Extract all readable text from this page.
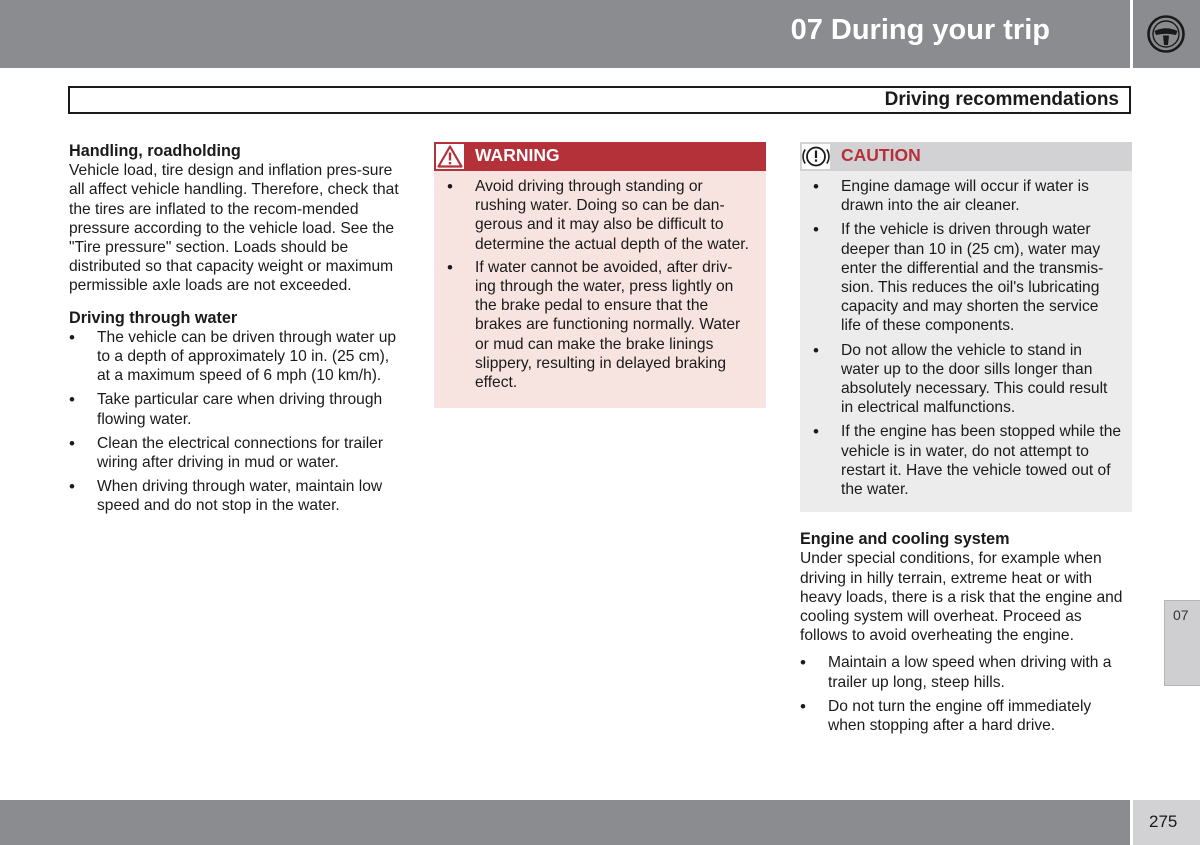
07 During your trip
Driving recommendations
Handling, roadholding

Vehicle load, tire design and inflation pres-sure all affect vehicle handling. Therefore, check that the tires are inflated to the recom-mended pressure according to the vehicle load. See the "Tire pressure" section. Loads should be distributed so that capacity weight or maximum permissible axle loads are not exceeded.

Driving through water
• The vehicle can be driven through water up to a depth of approximately 10 in. (25 cm), at a maximum speed of 6 mph (10 km/h).
• Take particular care when driving through flowing water.
• Clean the electrical connections for trailer wiring after driving in mud or water.
• When driving through water, maintain low speed and do not stop in the water.
WARNING
• Avoid driving through standing or rushing water. Doing so can be dan-gerous and it may also be difficult to determine the actual depth of the water.
• If water cannot be avoided, after driv-ing through the water, press lightly on the brake pedal to ensure that the brakes are functioning normally. Water or mud can make the brake linings slippery, resulting in delayed braking effect.
CAUTION
• Engine damage will occur if water is drawn into the air cleaner.
• If the vehicle is driven through water deeper than 10 in (25 cm), water may enter the differential and the transmis-sion. This reduces the oil's lubricating capacity and may shorten the service life of these components.
• Do not allow the vehicle to stand in water up to the door sills longer than absolutely necessary. This could result in electrical malfunctions.
• If the engine has been stopped while the vehicle is in water, do not attempt to restart it. Have the vehicle towed out of the water.
Engine and cooling system

Under special conditions, for example when driving in hilly terrain, extreme heat or with heavy loads, there is a risk that the engine and cooling system will overheat. Proceed as follows to avoid overheating the engine.

• Maintain a low speed when driving with a trailer up long, steep hills.
• Do not turn the engine off immediately when stopping after a hard drive.
07
275
